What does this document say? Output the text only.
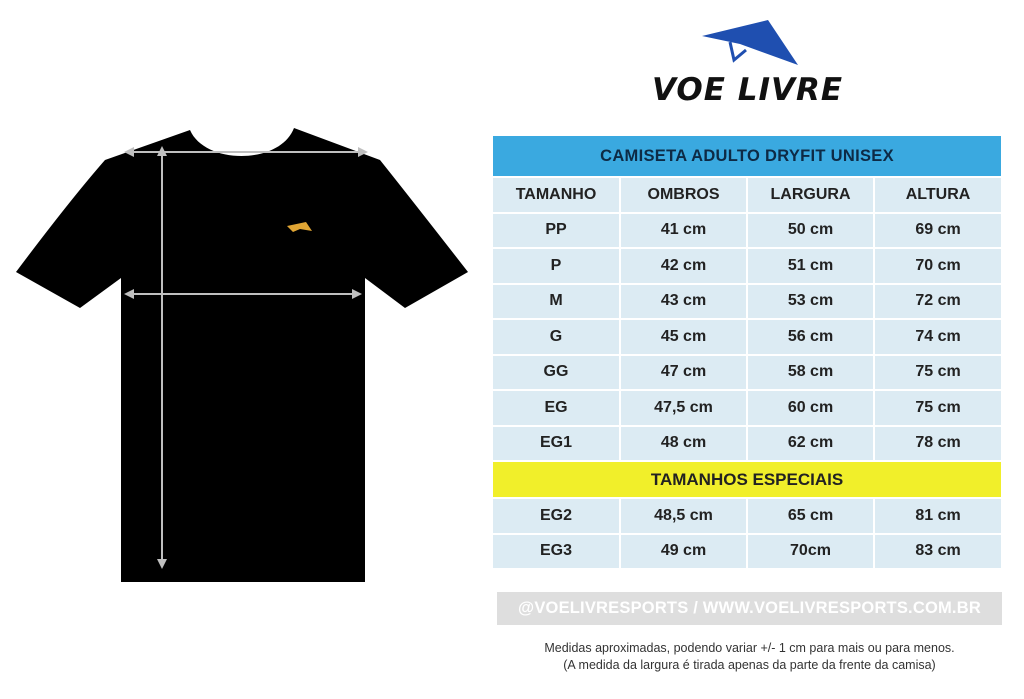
VOE LIVRE
CAMISETA ADULTO DRYFIT UNISEX			
TAMANHO	OMBROS	LARGURA	ALTURA
PP	41 cm	50 cm	69 cm
P	42 cm	51 cm	70 cm
M	43 cm	53 cm	72 cm
G	45 cm	56 cm	74 cm
GG	47 cm	58 cm	75 cm
EG	47,5 cm	60 cm	75 cm
EG1	48 cm	62 cm	78 cm
TAMANHOS ESPECIAIS			
EG2	48,5 cm	65 cm	81 cm
EG3	49 cm	70cm	83 cm
@VOELIVRESPORTS / WWW.VOELIVRESPORTS.COM.BR
Medidas aproximadas, podendo variar +/- 1 cm para mais ou para menos.
(A medida da largura é tirada apenas da parte da frente da camisa)
